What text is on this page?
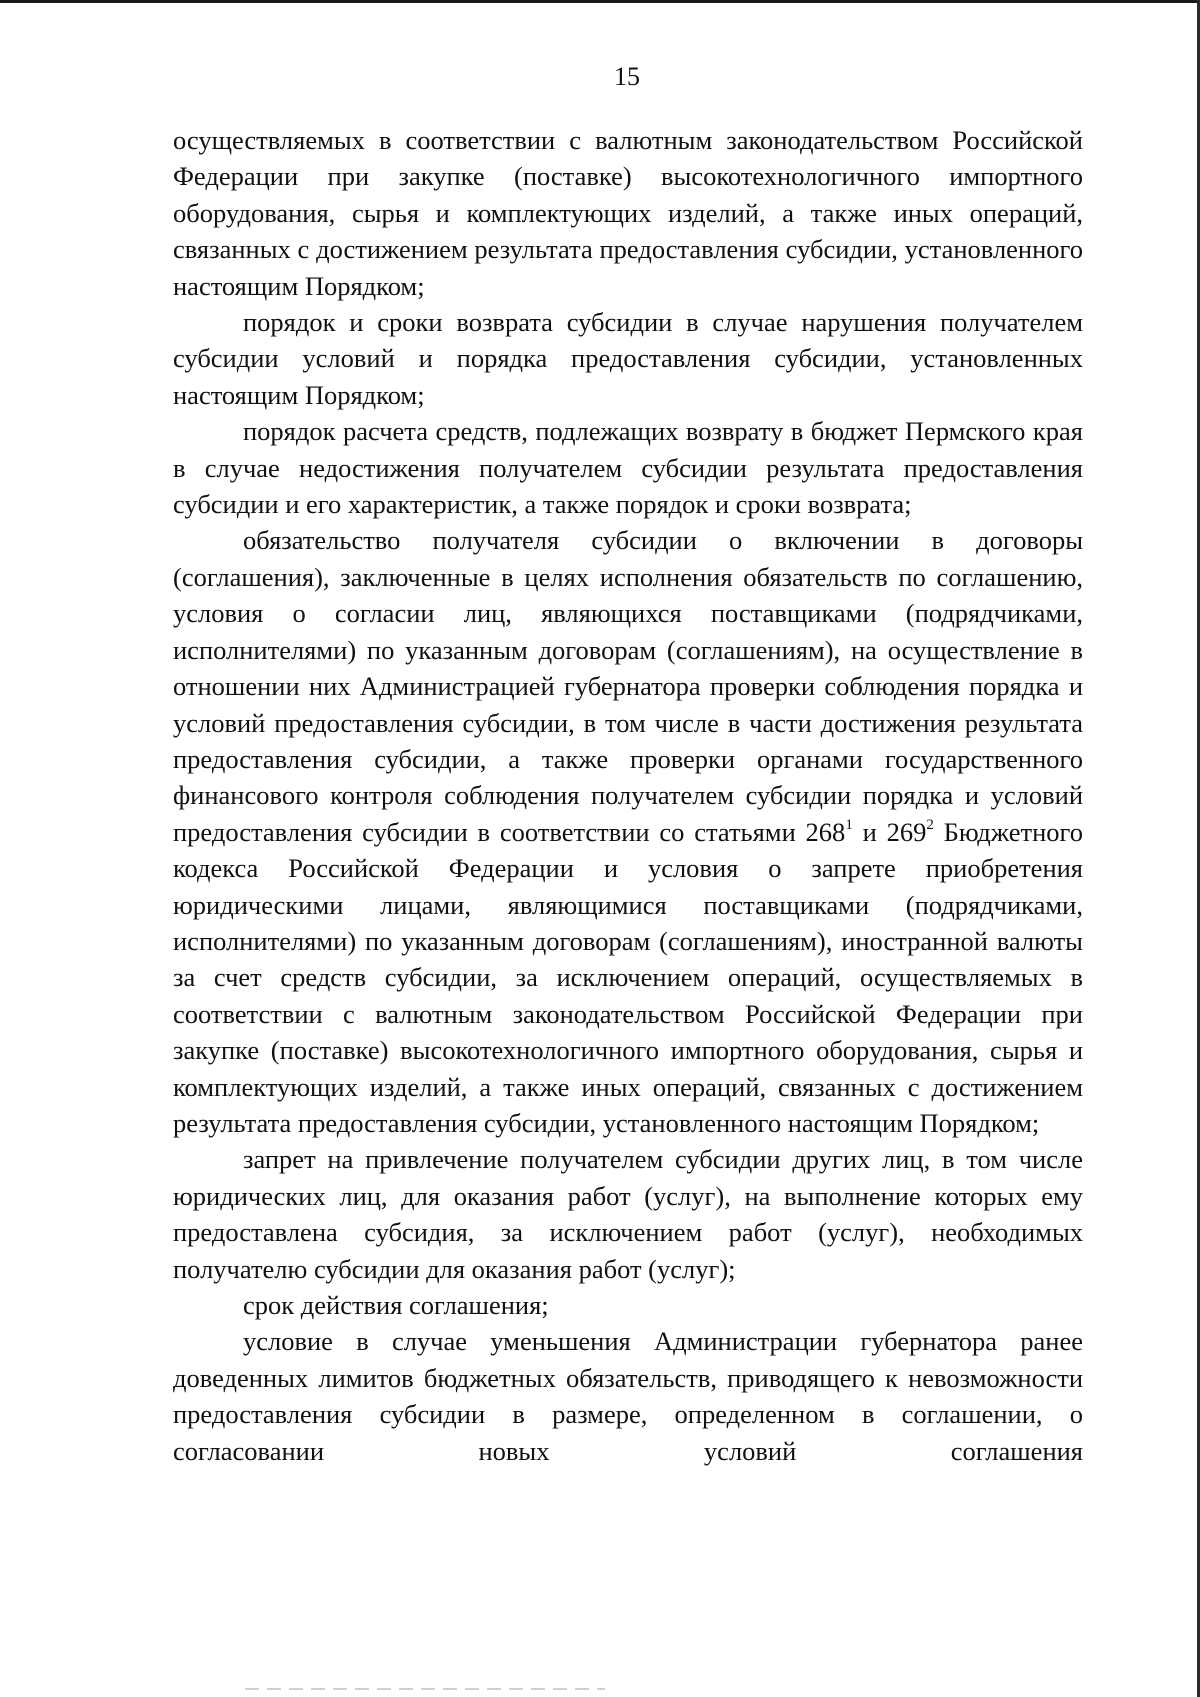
15

осуществляемых в соответствии с валютным законодательством Российской Федерации при закупке (поставке) высокотехнологичного импортного оборудования, сырья и комплектующих изделий, а также иных операций, связанных с достижением результата предоставления субсидии, установленного настоящим Порядком;

порядок и сроки возврата субсидии в случае нарушения получателем субсидии условий и порядка предоставления субсидии, установленных настоящим Порядком;

порядок расчета средств, подлежащих возврату в бюджет Пермского края в случае недостижения получателем субсидии результата предоставления субсидии и его характеристик, а также порядок и сроки возврата;

обязательство получателя субсидии о включении в договоры (соглашения), заключенные в целях исполнения обязательств по соглашению, условия о согласии лиц, являющихся поставщиками (подрядчиками, исполнителями) по указанным договорам (соглашениям), на осуществление в отношении них Администрацией губернатора проверки соблюдения порядка и условий предоставления субсидии, в том числе в части достижения результата предоставления субсидии, а также проверки органами государственного финансового контроля соблюдения получателем субсидии порядка и условий предоставления субсидии в соответствии со статьями $268^1$ и $269^2$ Бюджетного кодекса Российской Федерации и условия о запрете приобретения юридическими лицами, являющимися поставщиками (подрядчиками, исполнителями) по указанным договорам (соглашениям), иностранной валюты за счет средств субсидии, за исключением операций, осуществляемых в соответствии с валютным законодательством Российской Федерации при закупке (поставке) высокотехнологичного импортного оборудования, сырья и комплектующих изделий, а также иных операций, связанных с достижением результата предоставления субсидии, установленного настоящим Порядком;

запрет на привлечение получателем субсидии других лиц, в том числе юридических лиц, для оказания работ (услуг), на выполнение которых ему предоставлена субсидия, за исключением работ (услуг), необходимых получателю субсидии для оказания работ (услуг);

срок действия соглашения;

условие в случае уменьшения Администрации губернатора ранее доведенных лимитов бюджетных обязательств, приводящего к невозможности предоставления субсидии в размере, определенном в соглашении, о согласовании новых условий соглашения
